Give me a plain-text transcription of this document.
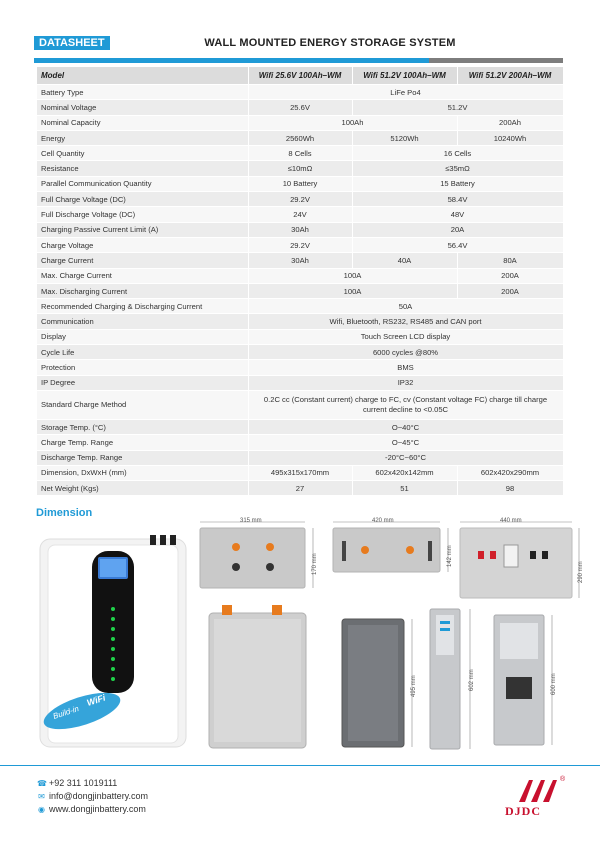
DATASHEET	WALL MOUNTED ENERGY STORAGE SYSTEM
Model	Wifi 25.6V 100Ah–WM	Wifi 51.2V 100Ah–WM	Wifi 51.2V 200Ah–WM
Battery Type	LiFe Po4		
Nominal Voltage	25.6V	51.2V	
Nominal Capacity	100Ah		200Ah
Energy	2560Wh	5120Wh	10240Wh
Cell Quantity	8 Cells	16 Cells	
Resistance	≤10mΩ	≤35mΩ	
Parallel Communication Quantity	10 Battery	15 Battery	
Full Charge Voltage (DC)	29.2V	58.4V	
Full Discharge Voltage (DC)	24V	48V	
Charging Passive Current Limit (A)	30Ah	20A	
Charge Voltage	29.2V	56.4V	
Charge Current	30Ah	40A	80A
Max. Charge Current	100A		200A
Max. Discharging Current	100A		200A
Recommended Charging & Discharging Current	50A		
Communication	Wifi, Bluetooth, RS232, RS485 and CAN port		
Display	Touch Screen LCD display		
Cycle Life	6000 cycles @80%		
Protection	BMS		
IP Degree	IP32		
Standard Charge Method	0.2C cc (Constant current) charge to FC, cv (Constant voltage FC) charge till charge current decline to <0.05C		
Storage Temp. (°C)	O~40°C		
Charge Temp. Range	O~45°C		
Discharge Temp. Range	-20°C~60°C		
Dimension, DxWxH (mm)	495x315x170mm	602x420x142mm	602x420x290mm
Net Weight (Kgs)	27	51	98
Dimension
Build-in
WiFi
315 mm
170 mm
420 mm
142 mm
440 mm
290 mm
495 mm	602 mm	600 mm
☎ +92 311 1019111
✉ info@dongjinbattery.com
◉ www.dongjinbattery.com
®
DJDC
